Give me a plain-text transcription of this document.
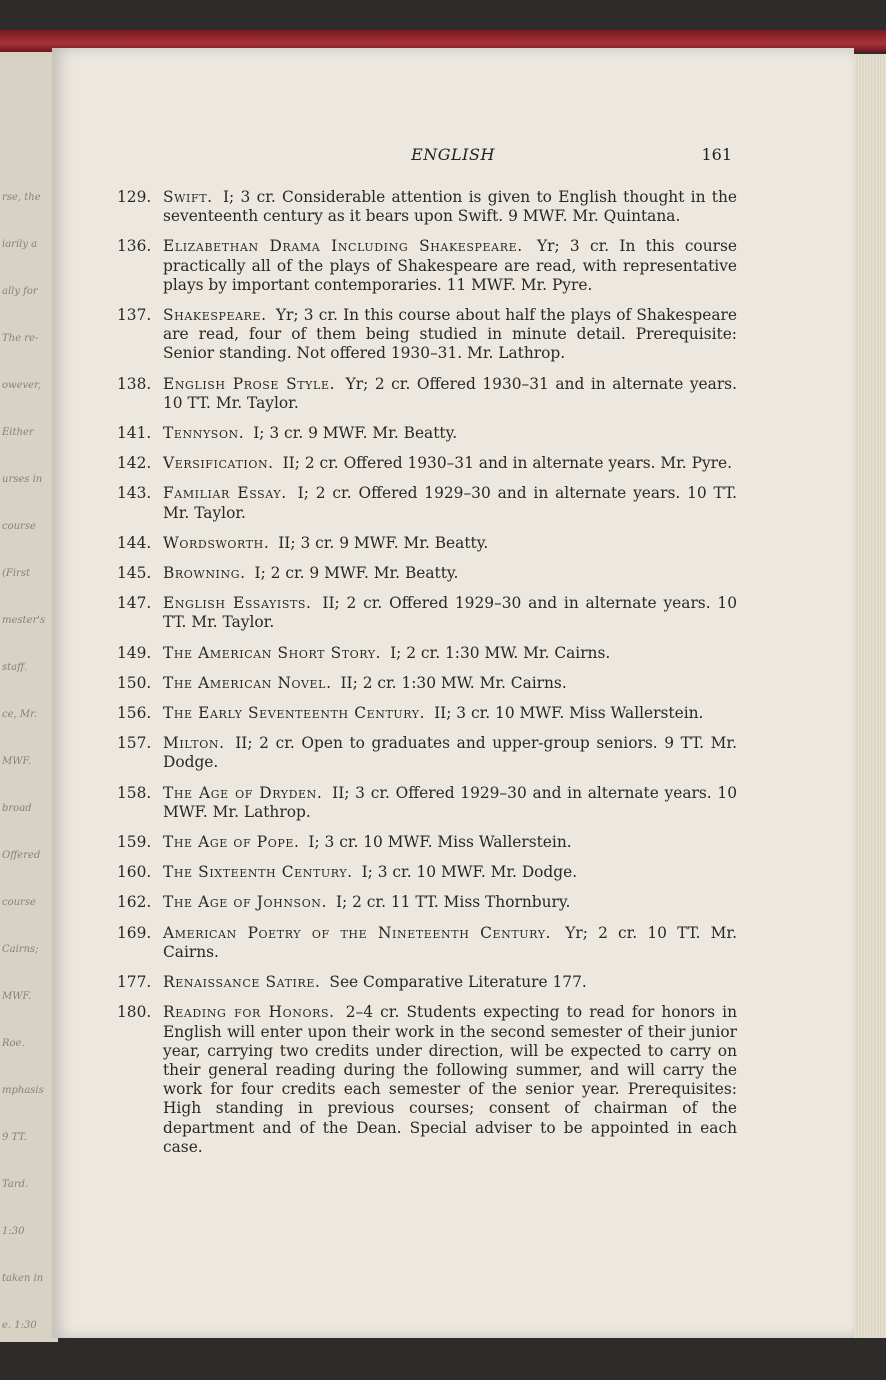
rse, the
iarily a
ally for
The re-
owever,
Either
urses in
course
(First
mester's
staff.
ce, Mr.
MWF.
broad
Offered
course
Cairns;
MWF.
Roe.
mphasis
9 TT.
Tard.
1:30
taken in
e. 1:30
ENGLISH	161
129. Swift. I; 3 cr. Considerable attention is given to English thought in the seventeenth century as it bears upon Swift. 9 MWF. Mr. Quintana.
136. Elizabethan Drama Including Shakespeare. Yr; 3 cr. In this course practically all of the plays of Shakespeare are read, with representative plays by important contemporaries. 11 MWF. Mr. Pyre.
137. Shakespeare. Yr; 3 cr. In this course about half the plays of Shakespeare are read, four of them being studied in minute detail. Prerequisite: Senior standing. Not offered 1930–31. Mr. Lathrop.
138. English Prose Style. Yr; 2 cr. Offered 1930–31 and in alternate years. 10 TT. Mr. Taylor.
141. Tennyson. I; 3 cr. 9 MWF. Mr. Beatty.
142. Versification. II; 2 cr. Offered 1930–31 and in alternate years. Mr. Pyre.
143. Familiar Essay. I; 2 cr. Offered 1929–30 and in alternate years. 10 TT. Mr. Taylor.
144. Wordsworth. II; 3 cr. 9 MWF. Mr. Beatty.
145. Browning. I; 2 cr. 9 MWF. Mr. Beatty.
147. English Essayists. II; 2 cr. Offered 1929–30 and in alternate years. 10 TT. Mr. Taylor.
149. The American Short Story. I; 2 cr. 1:30 MW. Mr. Cairns.
150. The American Novel. II; 2 cr. 1:30 MW. Mr. Cairns.
156. The Early Seventeenth Century. II; 3 cr. 10 MWF. Miss Wallerstein.
157. Milton. II; 2 cr. Open to graduates and upper-group seniors. 9 TT. Mr. Dodge.
158. The Age of Dryden. II; 3 cr. Offered 1929–30 and in alternate years. 10 MWF. Mr. Lathrop.
159. The Age of Pope. I; 3 cr. 10 MWF. Miss Wallerstein.
160. The Sixteenth Century. I; 3 cr. 10 MWF. Mr. Dodge.
162. The Age of Johnson. I; 2 cr. 11 TT. Miss Thornbury.
169. American Poetry of the Nineteenth Century. Yr; 2 cr. 10 TT. Mr. Cairns.
177. Renaissance Satire. See Comparative Literature 177.
180. Reading for Honors. 2–4 cr. Students expecting to read for honors in English will enter upon their work in the second semester of their junior year, carrying two credits under direction, will be expected to carry on their general reading during the following summer, and will carry the work for four credits each semester of the senior year. Prerequisites: High standing in previous courses; consent of chairman of the department and of the Dean. Special adviser to be appointed in each case.
